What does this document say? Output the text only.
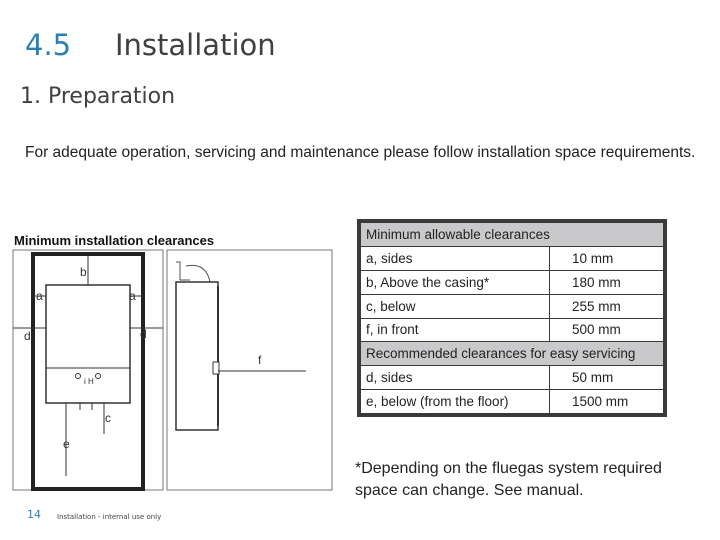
4.5 Installation
1. Preparation
For adequate operation, servicing and maintenance please follow installation space requirements.
Minimum installation clearances
i H
b
a	a
d	d
c
e
f
Minimum allowable clearances	
a, sides	10 mm
b, Above the casing*	180 mm
c, below	255 mm
f, in front	500 mm
Recommended clearances for easy servicing	
d, sides	50 mm
e, below (from the floor)	1500 mm
*Depending on the fluegas system required space can change. See manual.
14 Installation - internal use only
